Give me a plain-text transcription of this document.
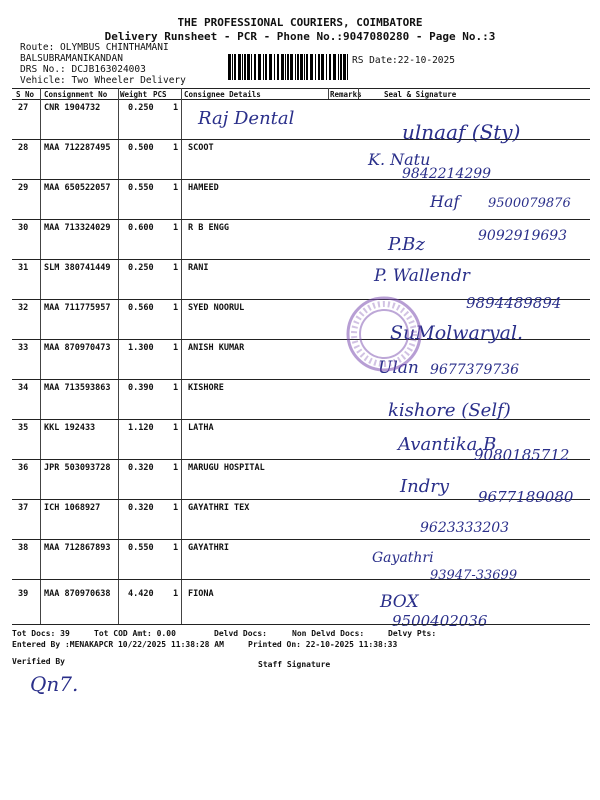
THE PROFESSIONAL COURIERS, COIMBATORE
Delivery Runsheet - PCR - Phone No.:9047080280 - Page No.:3
Route: OLYMBUS CHINTHAMANI
BALSUBRAMANIKANDAN	RS Date:22-10-2025
DRS No.: DCJB163024003
Vehicle: Two Wheeler Delivery
S No Consignment No Weight PCS Consignee Details	Remarks	Seal & Signature
27 CNR 1904732	0.250 1 Raj Dental
ulnaaf (Sty)
28 MAA 712287495 0.500 1 SCOOT
K. Natu
9842214299
29 MAA 650522057 0.550 1 HAMEED
Haf 9500079876
30 MAA 713324029 0.600 1 R B ENGG
P.Bz	9092919693
31 SLM 380741449 0.250 1 RANI	P. Wallendr
32 MAA 711775957 0.560 1 SYED NOORUL	9894489894
33 MAA 870970473 1.300 1 ANISH KUMAR
SuMolwaryal.
34 MAA 713593863 0.390 1 KISHORE
Ulan 9677379736
35 KKL 192433	1.120 1 LATHA
kishore (Self)
36 JPR 503093728 0.320 1 MARUGU HOSPITAL
Avantika.B
9080185712
37 ICH 1068927	0.320 1 GAYATHRI TEX
Indry 9677189080
38 MAA 712867893 0.550 1 GAYATHRI
Gayathri
9623333203
93947-33699
39 MAA 870970638 4.420 1 FIONA	BOX
9500402036
Tot Docs: 39	Tot COD Amt: 0.00	Delvd Docs:	Non Delvd Docs:	Delvy Pts:
Entered By :MENAKAPCR 10/22/2025 11:38:28 AM	Printed On: 22-10-2025 11:38:33
Verified By	Staff Signature
Qn7.
